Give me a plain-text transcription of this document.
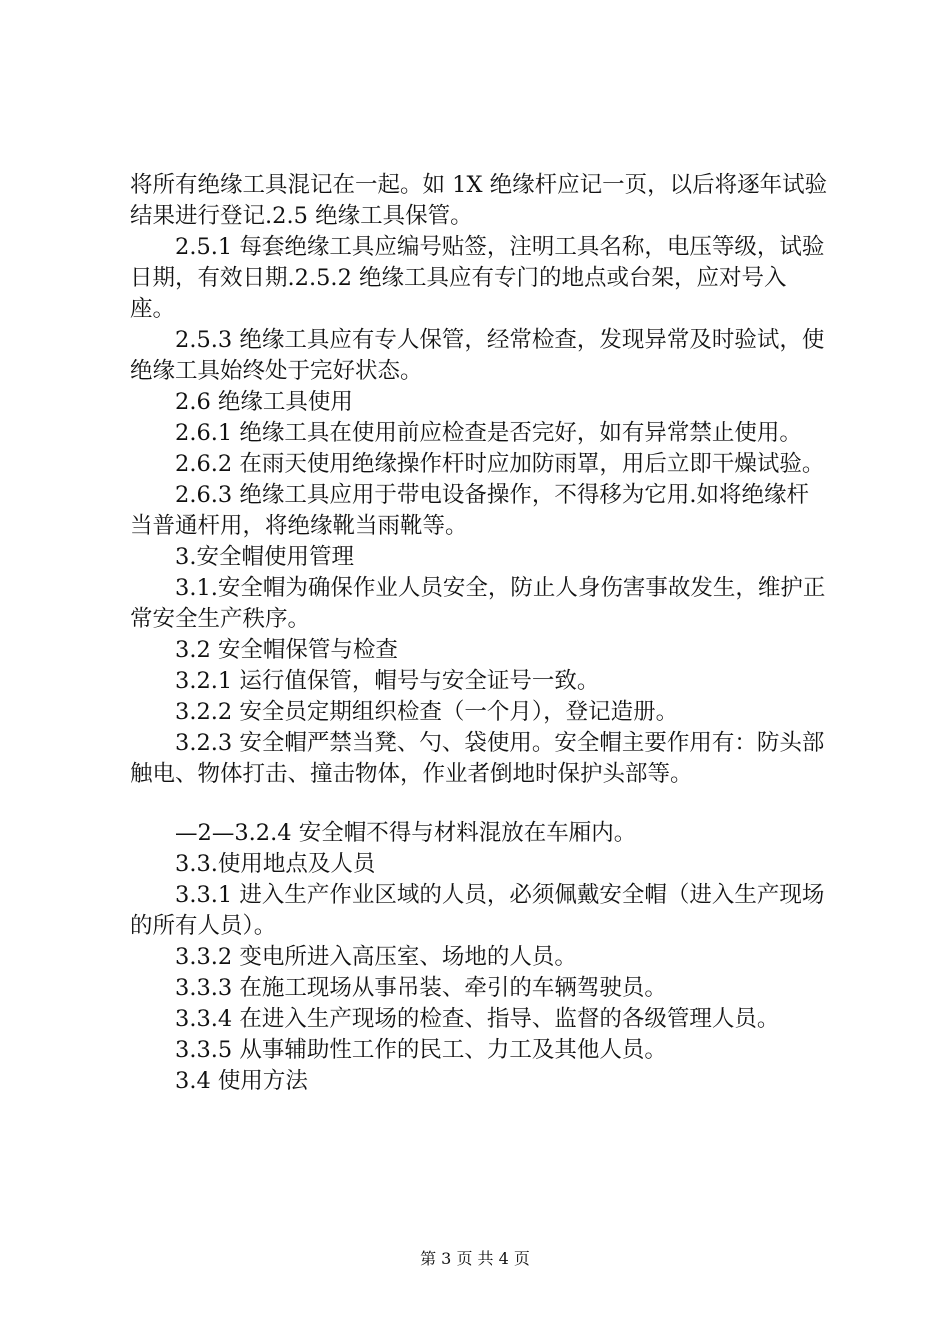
将所有绝缘工具混记在一起。如 1X 绝缘杆应记一页，以后将逐年试验结果进行登记.2.5 绝缘工具保管。

2.5.1 每套绝缘工具应编号贴签，注明工具名称，电压等级，试验日期，有效日期.2.5.2 绝缘工具应有专门的地点或台架，应对号入座。

2.5.3 绝缘工具应有专人保管，经常检查，发现异常及时验试，使绝缘工具始终处于完好状态。

2.6 绝缘工具使用

2.6.1 绝缘工具在使用前应检查是否完好，如有异常禁止使用。

2.6.2 在雨天使用绝缘操作杆时应加防雨罩，用后立即干燥试验。

2.6.3 绝缘工具应用于带电设备操作，不得移为它用.如将绝缘杆当普通杆用，将绝缘靴当雨靴等。

3.安全帽使用管理

3.1.安全帽为确保作业人员安全，防止人身伤害事故发生，维护正常安全生产秩序。

3.2 安全帽保管与检查

3.2.1 运行值保管，帽号与安全证号一致。

3.2.2 安全员定期组织检查（一个月），登记造册。

3.2.3 安全帽严禁当凳、勺、袋使用。安全帽主要作用有：防头部触电、物体打击、撞击物体，作业者倒地时保护头部等。

—2—3.2.4 安全帽不得与材料混放在车厢内。

3.3.使用地点及人员

3.3.1 进入生产作业区域的人员，必须佩戴安全帽（进入生产现场的所有人员）。

3.3.2 变电所进入高压室、场地的人员。

3.3.3 在施工现场从事吊装、牵引的车辆驾驶员。

3.3.4 在进入生产现场的检查、指导、监督的各级管理人员。

3.3.5 从事辅助性工作的民工、力工及其他人员。

3.4 使用方法

第 3 页 共 4 页
